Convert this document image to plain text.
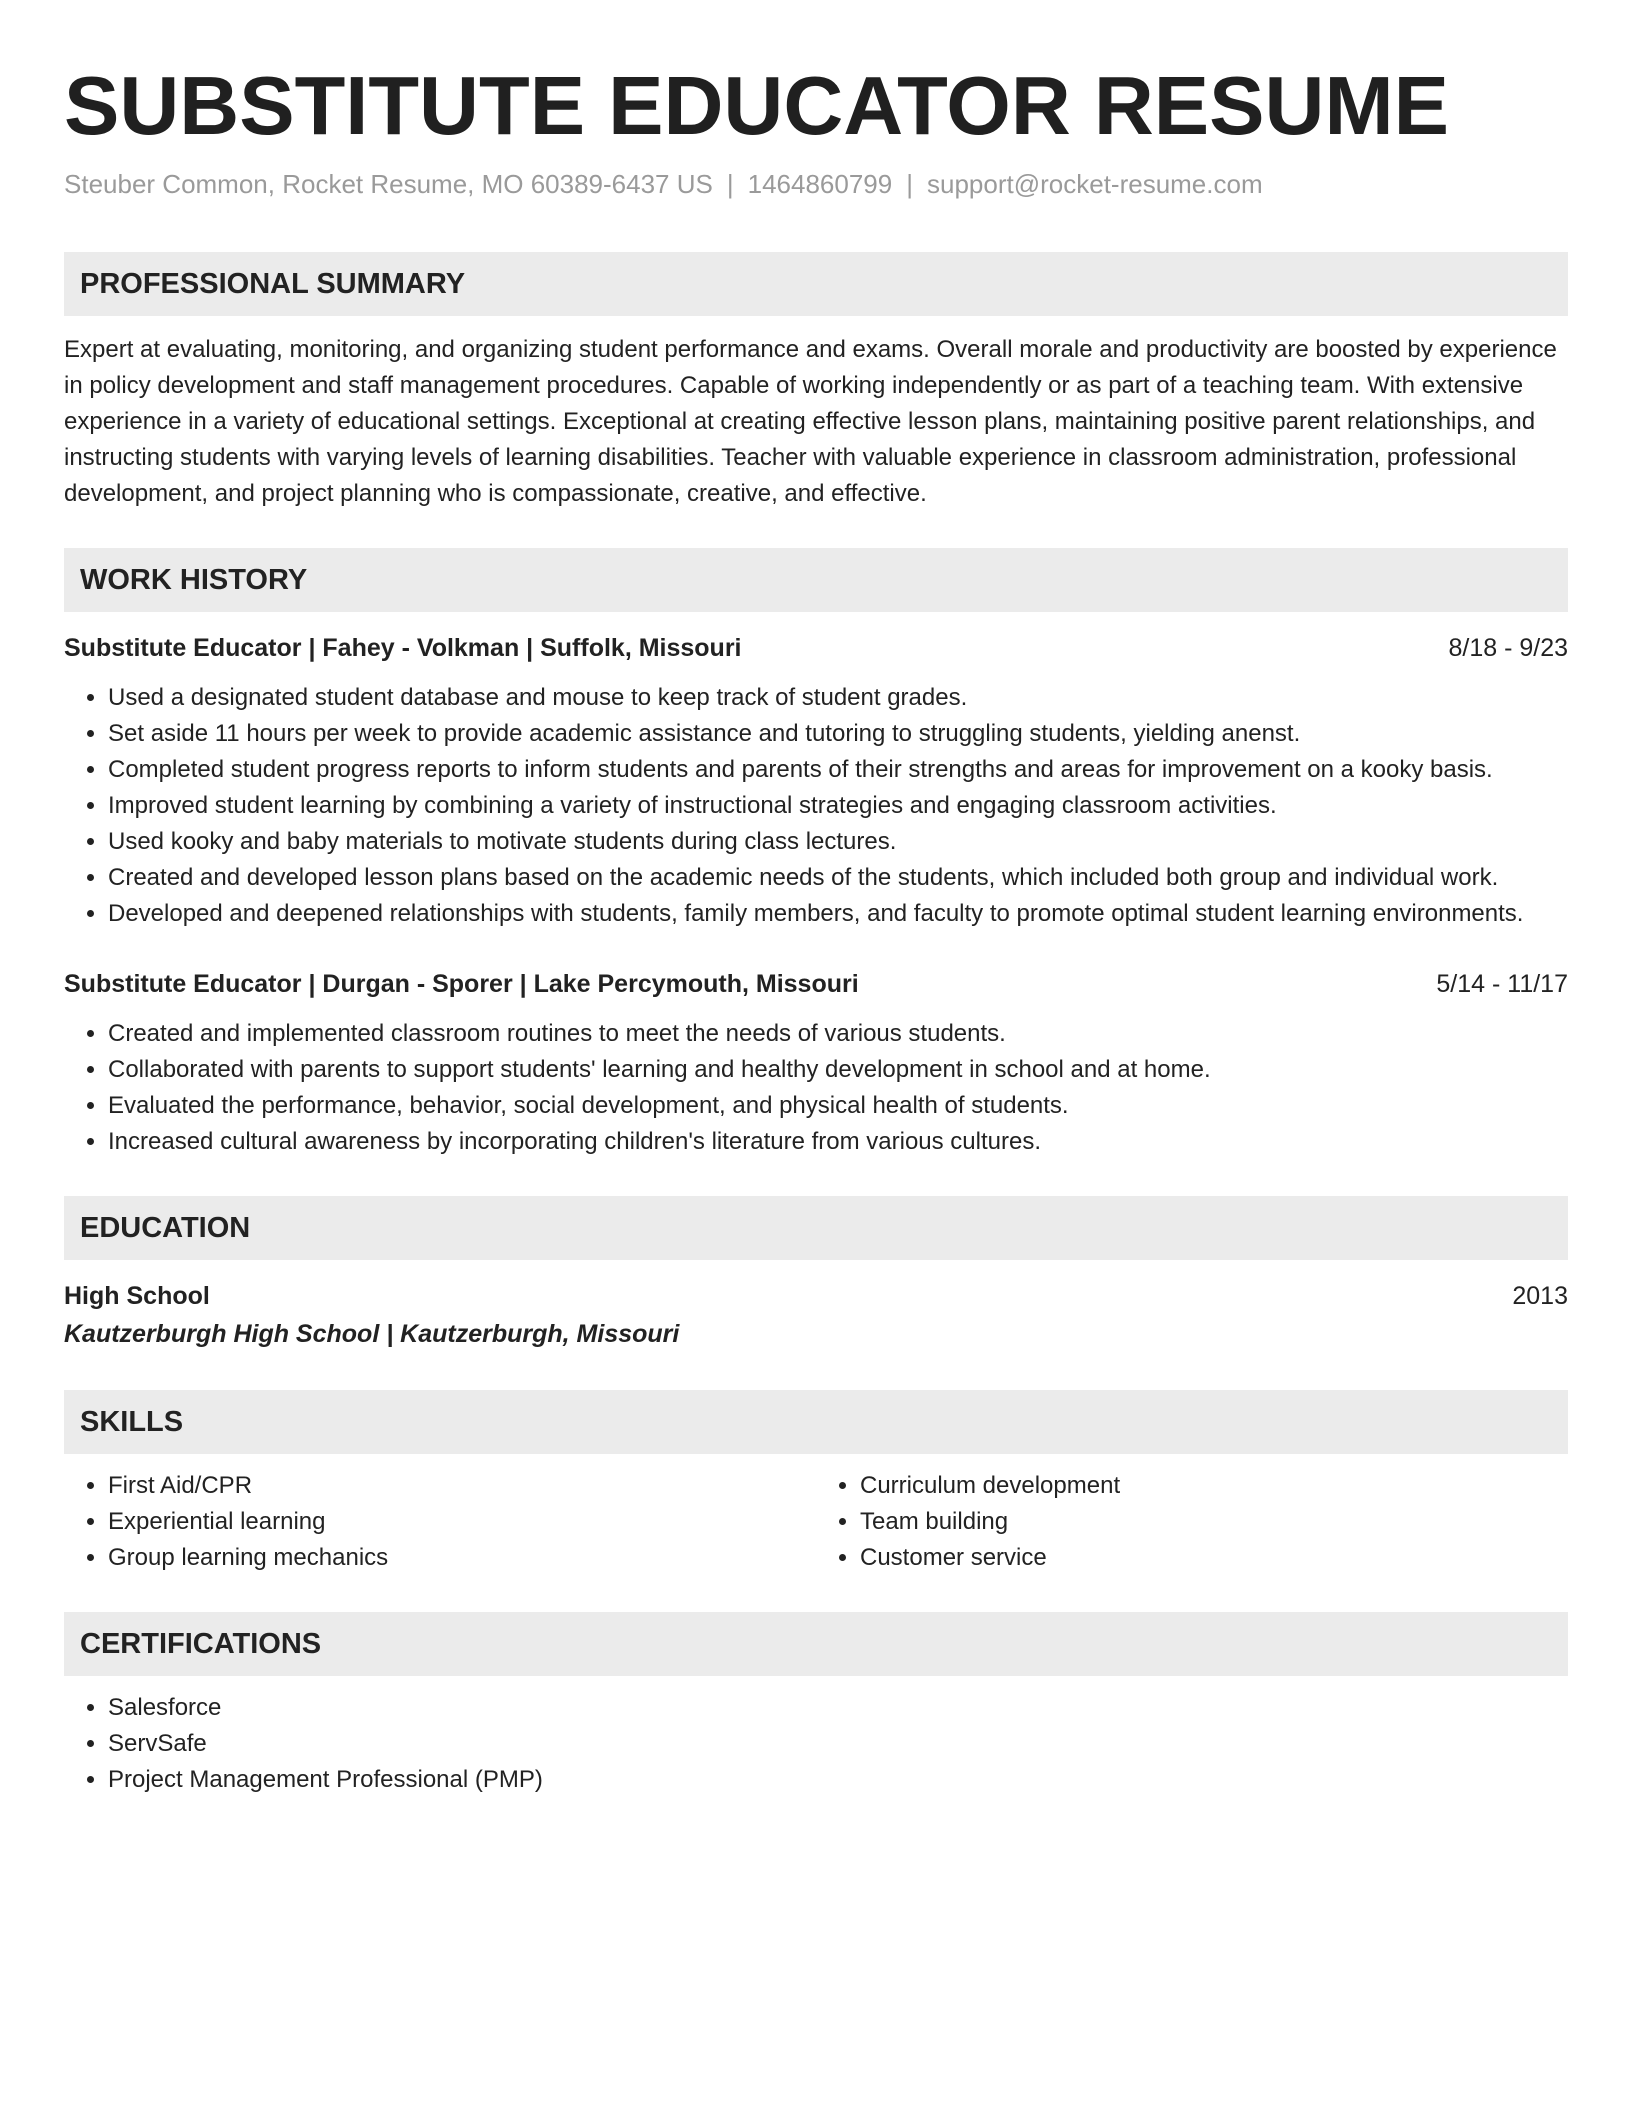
SUBSTITUTE EDUCATOR RESUME
Steuber Common, Rocket Resume, MO 60389-6437 US | 1464860799 | support@rocket-resume.com
PROFESSIONAL SUMMARY

Expert at evaluating, monitoring, and organizing student performance and exams. Overall morale and productivity are boosted by experience in policy development and staff management procedures. Capable of working independently or as part of a teaching team. With extensive experience in a variety of educational settings. Exceptional at creating effective lesson plans, maintaining positive parent relationships, and instructing students with varying levels of learning disabilities. Teacher with valuable experience in classroom administration, professional development, and project planning who is compassionate, creative, and effective.

WORK HISTORY
Substitute Educator | Fahey - Volkman | Suffolk, Missouri	8/18 - 9/23
• Used a designated student database and mouse to keep track of student grades.
• Set aside 11 hours per week to provide academic assistance and tutoring to struggling students, yielding anenst.
• Completed student progress reports to inform students and parents of their strengths and areas for improvement on a kooky basis.
• Improved student learning by combining a variety of instructional strategies and engaging classroom activities.
• Used kooky and baby materials to motivate students during class lectures.
• Created and developed lesson plans based on the academic needs of the students, which included both group and individual work.
• Developed and deepened relationships with students, family members, and faculty to promote optimal student learning environments.
Substitute Educator | Durgan - Sporer | Lake Percymouth, Missouri	5/14 - 11/17
• Created and implemented classroom routines to meet the needs of various students.
• Collaborated with parents to support students' learning and healthy development in school and at home.
• Evaluated the performance, behavior, social development, and physical health of students.
• Increased cultural awareness by incorporating children's literature from various cultures.
EDUCATION
High School	2013
Kautzerburgh High School | Kautzerburgh, Missouri
SKILLS
• First Aid/CPR
• Experiential learning
• Group learning mechanics
• Curriculum development
• Team building
• Customer service
CERTIFICATIONS
• Salesforce
• ServSafe
• Project Management Professional (PMP)
